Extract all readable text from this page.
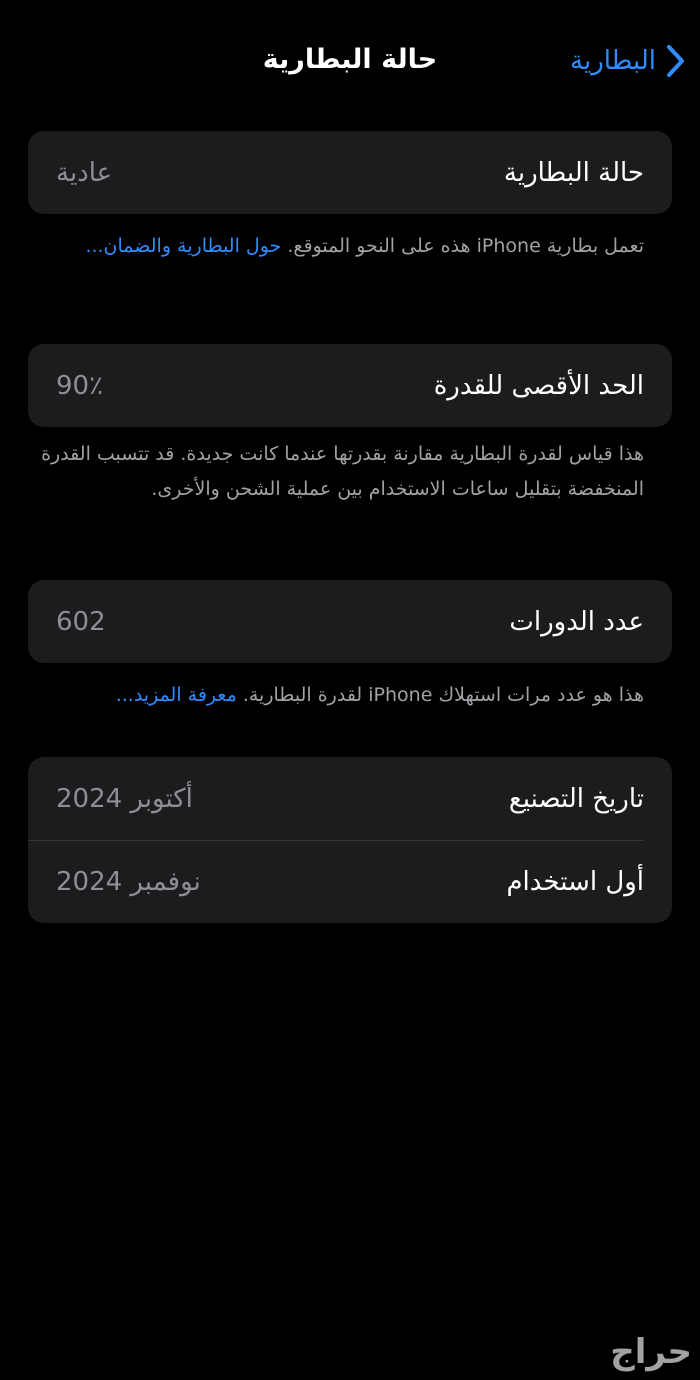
حالة البطارية	البطارية
حالة البطارية
عادية
تعمل بطارية iPhone هذه على النحو المتوقع. حول البطارية والضمان...
الحد الأقصى للقدرة
90٪
هذا قياس لقدرة البطارية مقارنة بقدرتها عندما كانت جديدة. قد تتسبب القدرة المنخفضة بتقليل ساعات الاستخدام بين عملية الشحن والأخرى.
عدد الدورات
602
هذا هو عدد مرات استهلاك iPhone لقدرة البطارية. معرفة المزيد...
تاريخ التصنيع
أكتوبر 2024
أول استخدام
نوفمبر 2024
حراج
